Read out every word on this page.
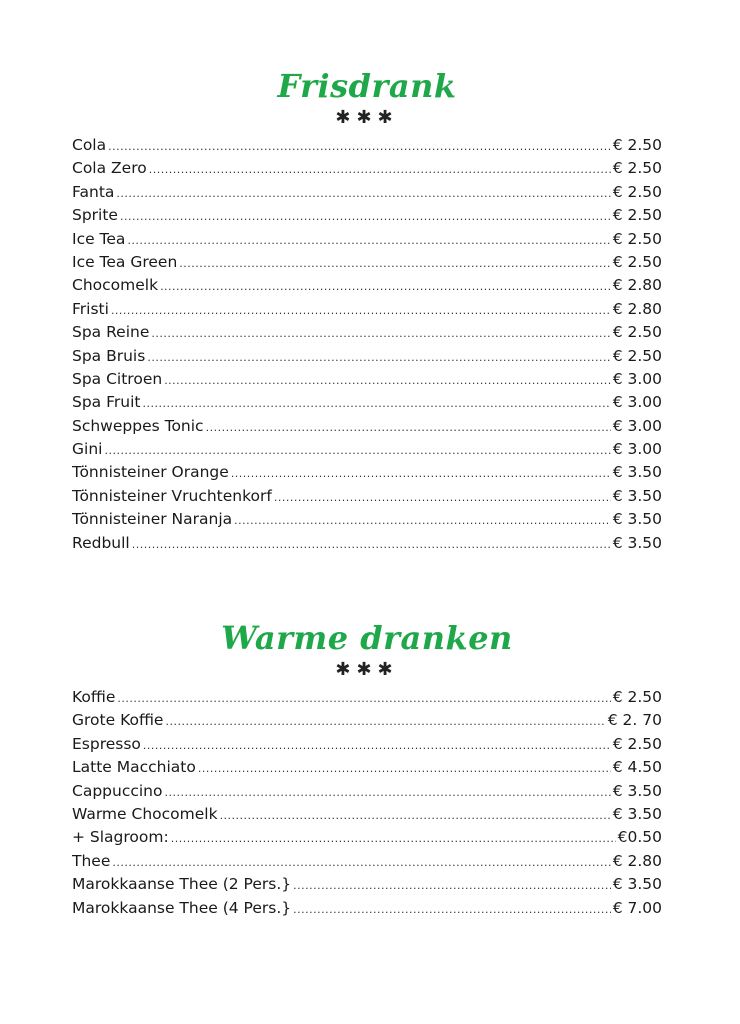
Frisdrank
✱✱✱
Cola .....	€ 2.50
Cola Zero .....	€ 2.50
Fanta .....	€ 2.50
Sprite .....	€ 2.50
Ice Tea .....	€ 2.50
Ice Tea Green .....	€ 2.50
Chocomelk .....	€ 2.80
Fristi .....	€ 2.80
Spa Reine .....	€ 2.50
Spa Bruis .....	€ 2.50
Spa Citroen .....	€ 3.00
Spa Fruit .....	€ 3.00
Schweppes Tonic .....	€ 3.00
Gini .....	€ 3.00
Tönnisteiner Orange .....	€ 3.50
Tönnisteiner Vruchtenkorf .....	€ 3.50
Tönnisteiner Naranja .....	€ 3.50
Redbull .....	€ 3.50
Warme dranken
✱✱✱
Koffie .....	€ 2.50
Grote Koffie .....	€ 2. 70
Espresso .....	€ 2.50
Latte Macchiato .....	€ 4.50
Cappuccino .....	€ 3.50
Warme Chocomelk .....	€ 3.50
+ Slagroom: .....	€0.50
Thee .....	€ 2.80
Marokkaanse Thee (2 Pers.} .....	€ 3.50
Marokkaanse Thee (4 Pers.} .....	€ 7.00
